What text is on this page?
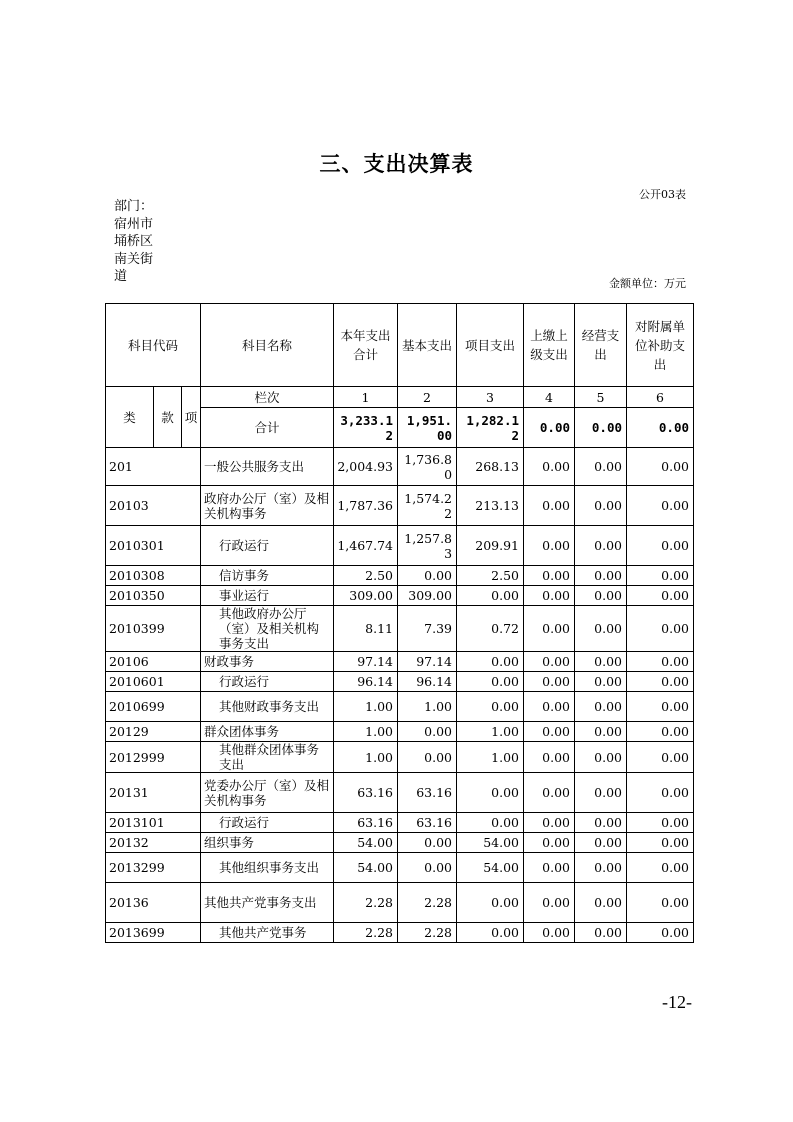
三、支出决算表
公开03表
部门：宿州市埇桥区南关街道	金额单位：万元
科目代码			科目名称	本年支出合计	基本支出	项目支出	上缴上级支出	经营支出	对附属单位补助支出
类	款	项	栏次	1	2	3	4	5	6
			合计	3,233.12	1,951.00	1,282.12	0.00	0.00	0.00
201			一般公共服务支出	2,004.93	1,736.80	268.13	0.00	0.00	0.00
20103			政府办公厅（室）及相关机构事务	1,787.36	1,574.22	213.13	0.00	0.00	0.00
2010301			行政运行	1,467.74	1,257.83	209.91	0.00	0.00	0.00
2010308			信访事务	2.50	0.00	2.50	0.00	0.00	0.00
2010350			事业运行	309.00	309.00	0.00	0.00	0.00	0.00
2010399			其他政府办公厅（室）及相关机构事务支出	8.11	7.39	0.72	0.00	0.00	0.00
20106			财政事务	97.14	97.14	0.00	0.00	0.00	0.00
2010601			行政运行	96.14	96.14	0.00	0.00	0.00	0.00
2010699			其他财政事务支出	1.00	1.00	0.00	0.00	0.00	0.00
20129			群众团体事务	1.00	0.00	1.00	0.00	0.00	0.00
2012999			其他群众团体事务支出	1.00	0.00	1.00	0.00	0.00	0.00
20131			党委办公厅（室）及相关机构事务	63.16	63.16	0.00	0.00	0.00	0.00
2013101			行政运行	63.16	63.16	0.00	0.00	0.00	0.00
20132			组织事务	54.00	0.00	54.00	0.00	0.00	0.00
2013299			其他组织事务支出	54.00	0.00	54.00	0.00	0.00	0.00
20136			其他共产党事务支出	2.28	2.28	0.00	0.00	0.00	0.00
2013699			其他共产党事务	2.28	2.28	0.00	0.00	0.00	0.00
-12-
